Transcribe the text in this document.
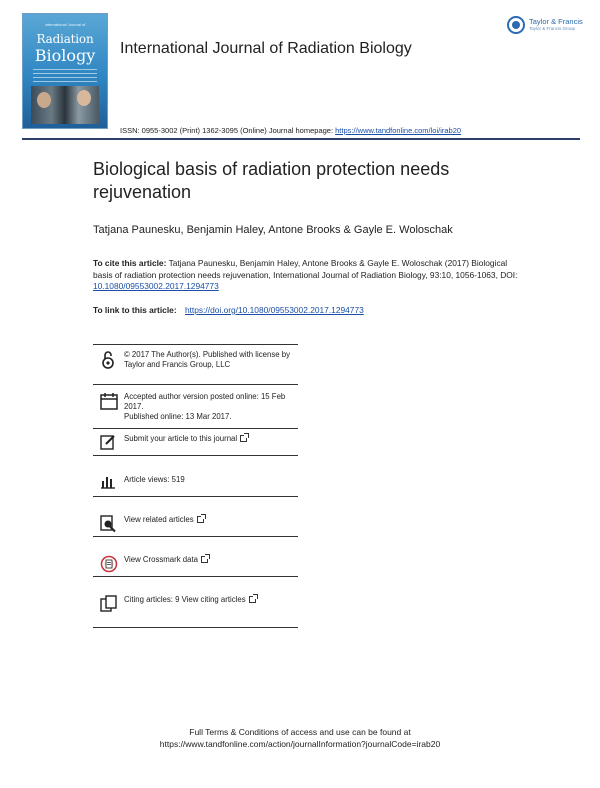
International Journal of
Radiation
Biology	International Journal of Radiation Biology
Taylor & Francis
Taylor & Francis Group
ISSN: 0955-3002 (Print) 1362-3095 (Online) Journal homepage: https://www.tandfonline.com/loi/irab20
Biological basis of radiation protection needs rejuvenation
Tatjana Paunesku, Benjamin Haley, Antone Brooks & Gayle E. Woloschak
To cite this article: Tatjana Paunesku, Benjamin Haley, Antone Brooks & Gayle E. Woloschak (2017) Biological basis of radiation protection needs rejuvenation, International Journal of Radiation Biology, 93:10, 1056-1063, DOI: 10.1080/09553002.2017.1294773
To link to this article: https://doi.org/10.1080/09553002.2017.1294773
© 2017 The Author(s). Published with license by Taylor and Francis Group, LLC
Accepted author version posted online: 15 Feb 2017.
Published online: 13 Mar 2017.
Submit your article to this journal
Article views: 519
View related articles
View Crossmark data
Citing articles: 9 View citing articles
Full Terms & Conditions of access and use can be found at
https://www.tandfonline.com/action/journalInformation?journalCode=irab20
